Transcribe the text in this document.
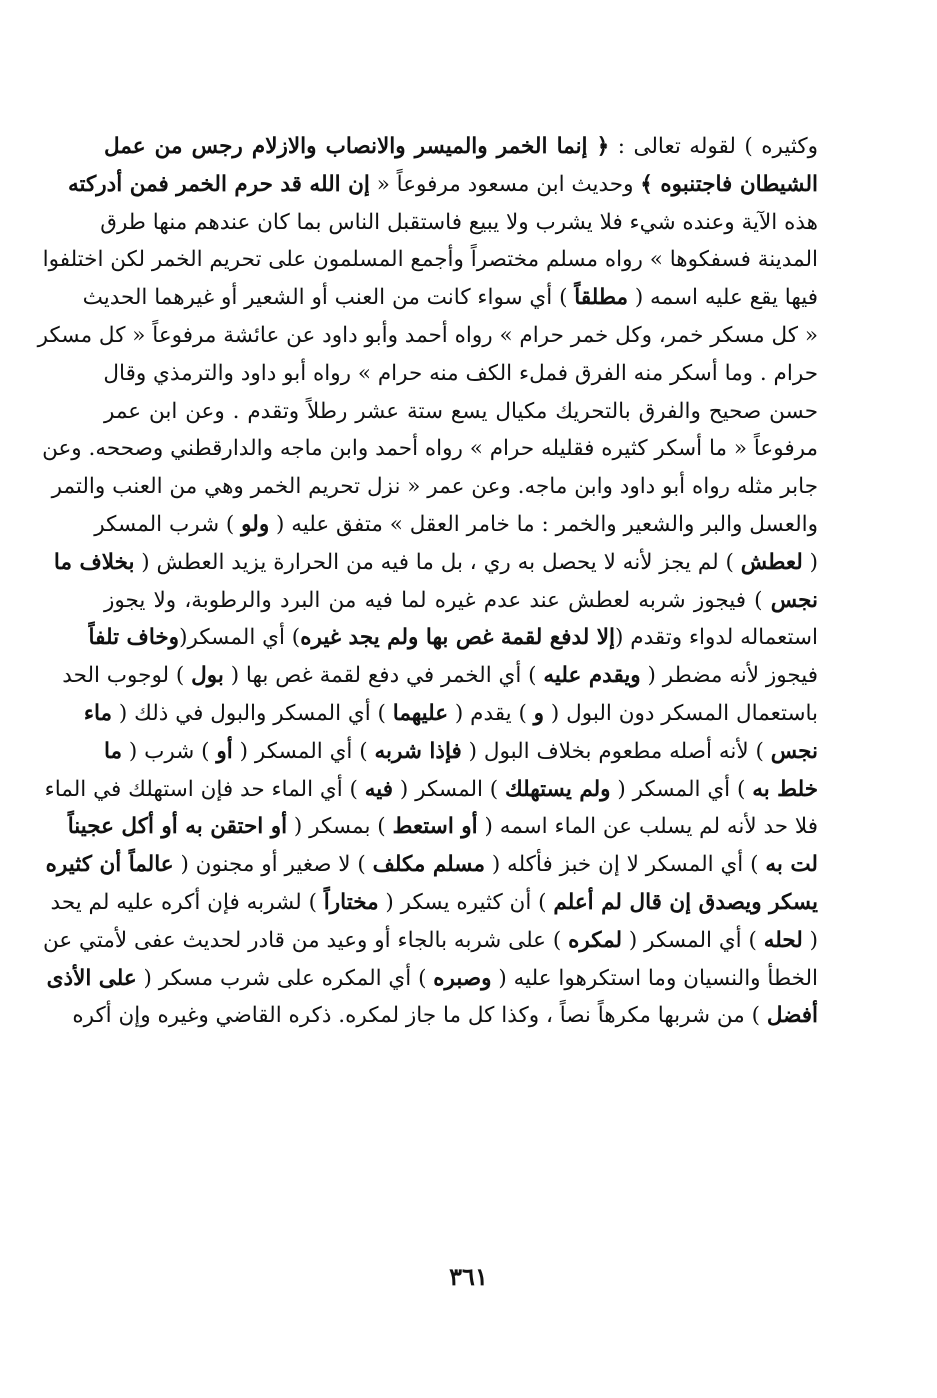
وكثيره ) لقوله تعالى : ﴿ إنما الخمر والميسر والانصاب والازلام رجس من عمل
الشيطان فاجتنبوه ﴾ وحديث ابن مسعود مرفوعاً « إن الله قد حرم الخمر فمن أدركته
هذه الآية وعنده شيء فلا يشرب ولا يبيع فاستقبل الناس بما كان عندهم منها طرق
المدينة فسفكوها » رواه مسلم مختصراً وأجمع المسلمون على تحريم الخمر لكن اختلفوا
فيها يقع عليه اسمه ( مطلقاً ) أي سواء كانت من العنب أو الشعير أو غيرهما الحديث
« كل مسكر خمر، وكل خمر حرام » رواه أحمد وأبو داود عن عائشة مرفوعاً « كل مسكر
حرام . وما أسكر منه الفرق فملء الكف منه حرام » رواه أبو داود والترمذي وقال
حسن صحيح والفرق بالتحريك مكيال يسع ستة عشر رطلاً وتقدم . وعن ابن عمر
مرفوعاً « ما أسكر كثيره فقليله حرام » رواه أحمد وابن ماجه والدارقطني وصححه. وعن
جابر مثله رواه أبو داود وابن ماجه. وعن عمر « نزل تحريم الخمر وهي من العنب والتمر
والعسل والبر والشعير والخمر : ما خامر العقل » متفق عليه ( ولو ) شرب المسكر
( لعطش ) لم يجز لأنه لا يحصل به ري ، بل ما فيه من الحرارة يزيد العطش ( بخلاف ما
نجس ) فيجوز شربه لعطش عند عدم غيره لما فيه من البرد والرطوبة، ولا يجوز
استعماله لدواء وتقدم (إلا لدفع لقمة غص بها ولم يجد غيره) أي المسكر(وخاف تلفاً
فيجوز لأنه مضطر ( ويقدم عليه ) أي الخمر في دفع لقمة غص بها ( بول ) لوجوب الحد
باستعمال المسكر دون البول ( و ) يقدم ( عليهما ) أي المسكر والبول في ذلك ( ماء
نجس ) لأنه أصله مطعوم بخلاف البول ( فإذا شربه ) أي المسكر ( أو ) شرب ( ما
خلط به ) أي المسكر ( ولم يستهلك ) المسكر ( فيه ) أي الماء حد فإن استهلك في الماء
فلا حد لأنه لم يسلب عن الماء اسمه ( أو استعط ) بمسكر ( أو احتقن به أو أكل عجيناً
لت به ) أي المسكر لا إن خبز فأكله ( مسلم مكلف ) لا صغير أو مجنون ( عالماً أن كثيره
يسكر ويصدق إن قال لم أعلم ) أن كثيره يسكر ( مختاراً ) لشربه فإن أكره عليه لم يحد
( لحله ) أي المسكر ( لمكره ) على شربه بالجاء أو وعيد من قادر لحديث عفى لأمتي عن
الخطأ والنسيان وما استكرهوا عليه ( وصبره ) أي المكره على شرب مسكر ( على الأذى
أفضل ) من شربها مكرهاً نصاً ، وكذا كل ما جاز لمكره. ذكره القاضي وغيره وإن أكره
٣٦١
